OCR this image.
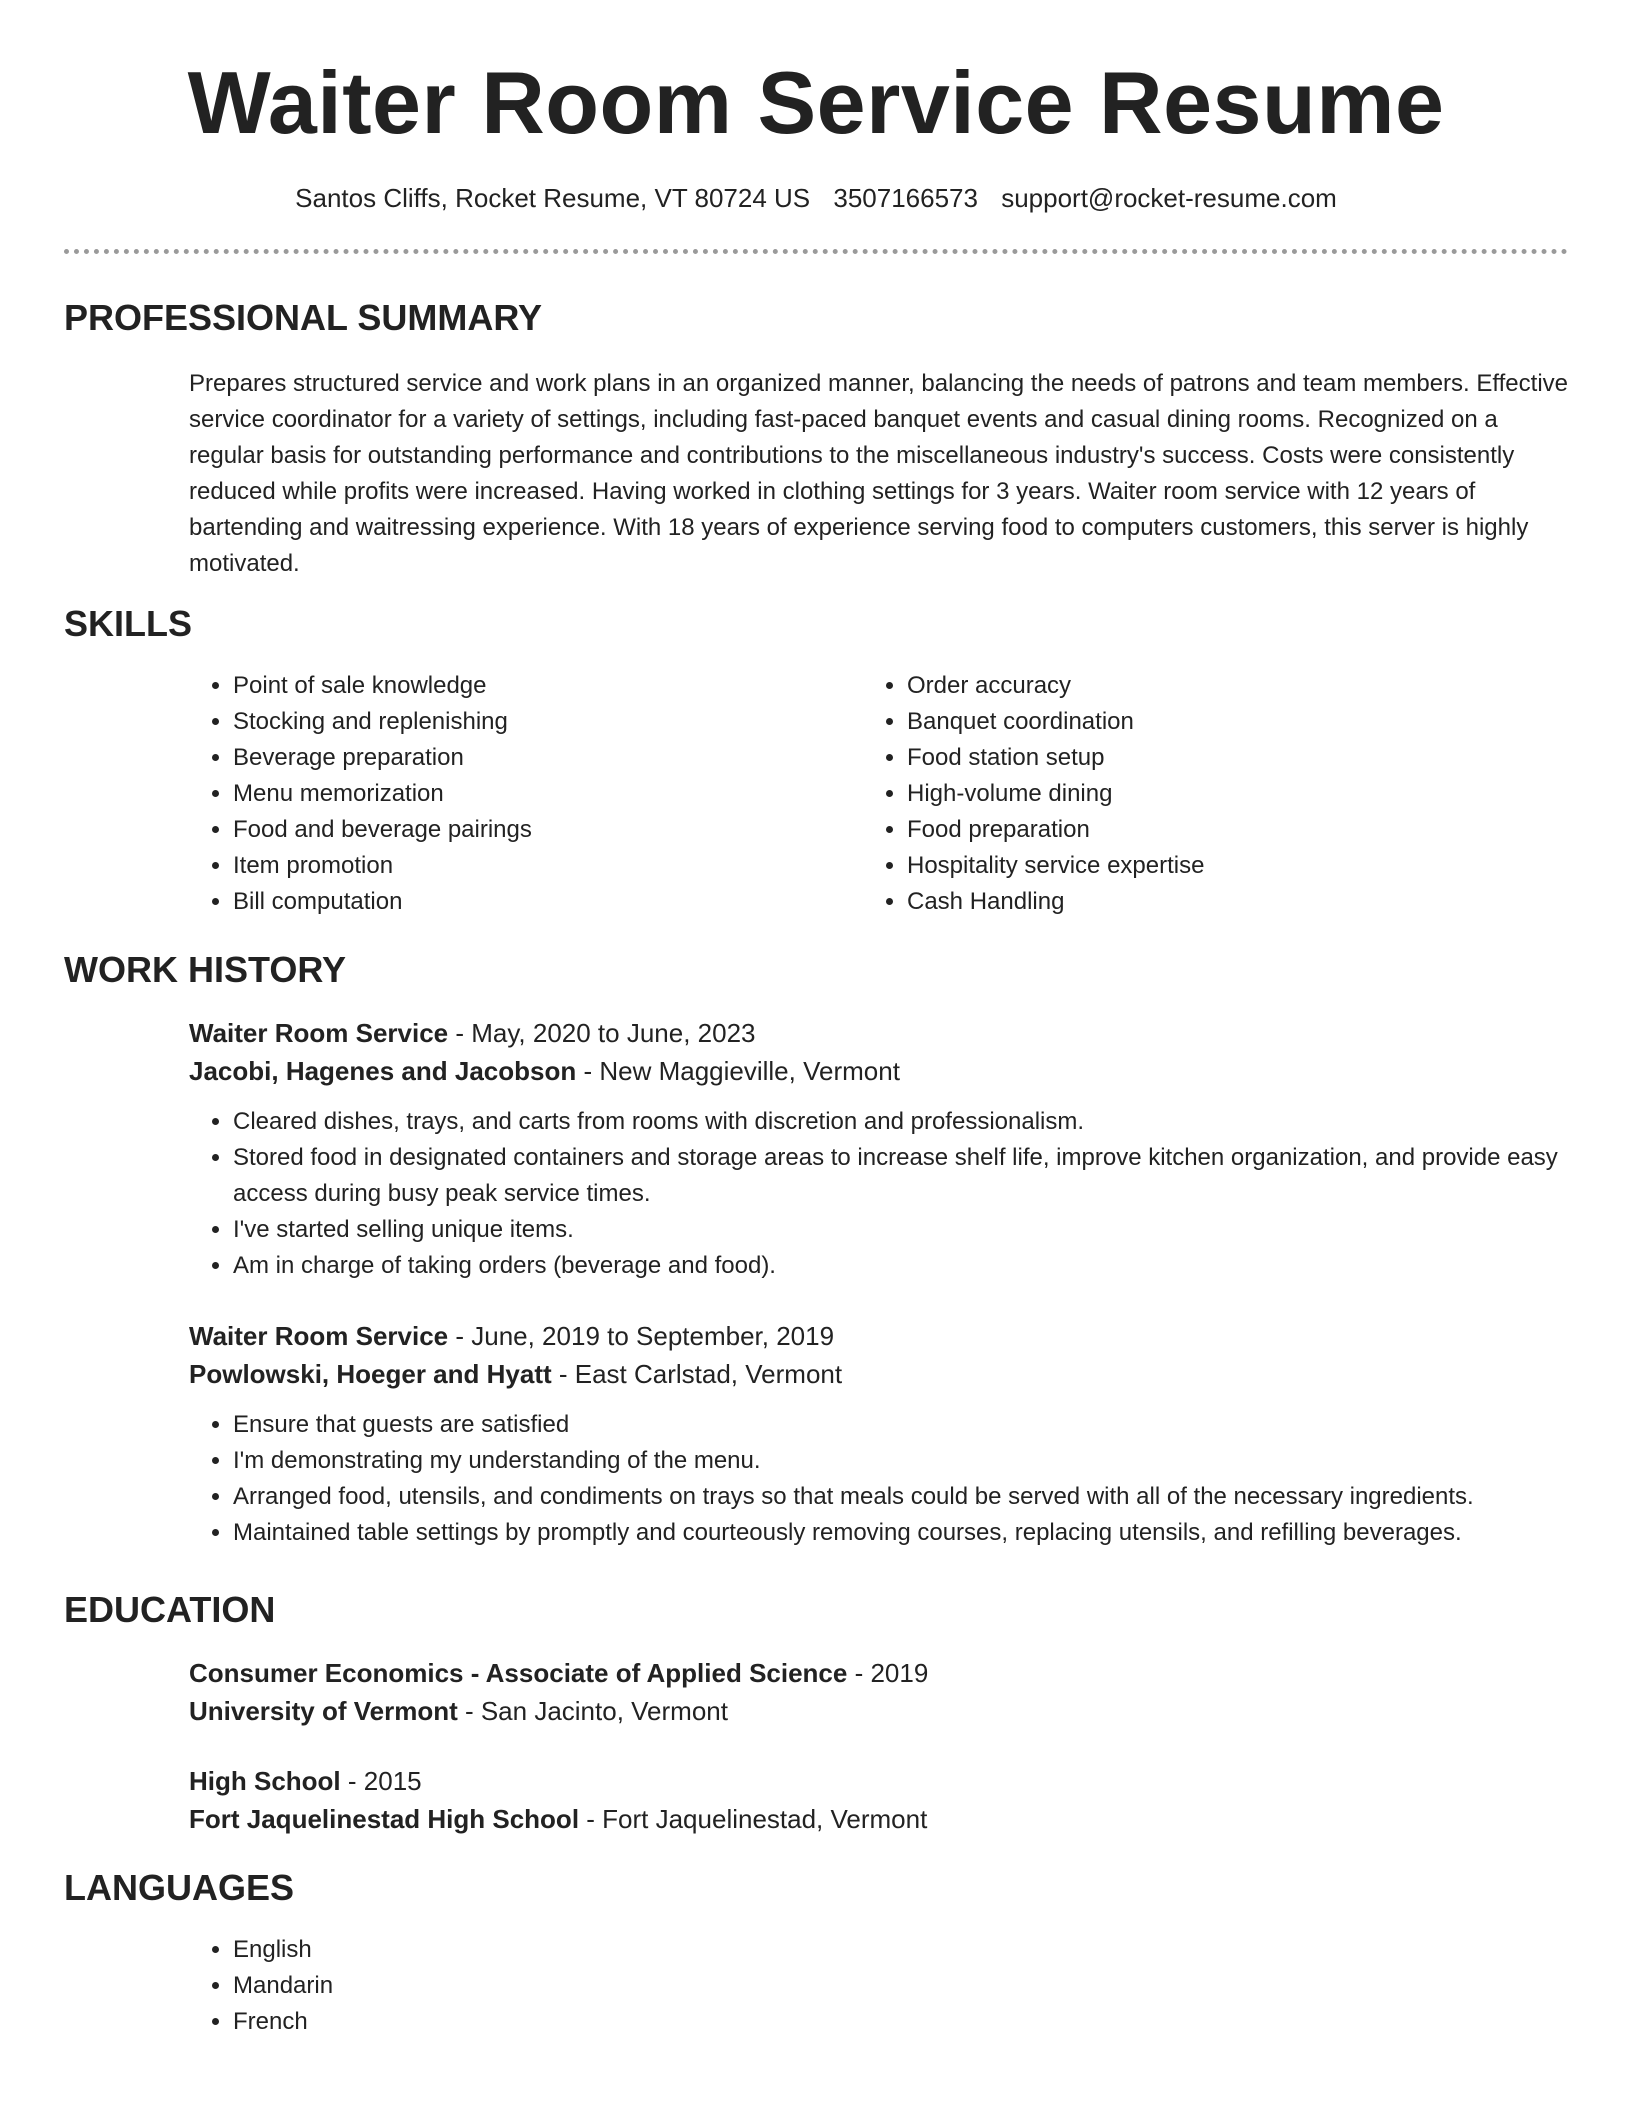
Waiter Room Service Resume
Santos Cliffs, Rocket Resume, VT 80724 US 3507166573 support@rocket-resume.com
PROFESSIONAL SUMMARY
Prepares structured service and work plans in an organized manner, balancing the needs of patrons and team members. Effective service coordinator for a variety of settings, including fast-paced banquet events and casual dining rooms. Recognized on a regular basis for outstanding performance and contributions to the miscellaneous industry's success. Costs were consistently reduced while profits were increased. Having worked in clothing settings for 3 years. Waiter room service with 12 years of bartending and waitressing experience. With 18 years of experience serving food to computers customers, this server is highly motivated.
SKILLS
• Point of sale knowledge
• Stocking and replenishing
• Beverage preparation
• Menu memorization
• Food and beverage pairings
• Item promotion
• Bill computation
• Order accuracy
• Banquet coordination
• Food station setup
• High-volume dining
• Food preparation
• Hospitality service expertise
• Cash Handling
WORK HISTORY
Waiter Room Service - May, 2020 to June, 2023
Jacobi, Hagenes and Jacobson - New Maggieville, Vermont
• Cleared dishes, trays, and carts from rooms with discretion and professionalism.
• Stored food in designated containers and storage areas to increase shelf life, improve kitchen organization, and provide easy access during busy peak service times.
• I've started selling unique items.
• Am in charge of taking orders (beverage and food).
Waiter Room Service - June, 2019 to September, 2019
Powlowski, Hoeger and Hyatt - East Carlstad, Vermont
• Ensure that guests are satisfied
• I'm demonstrating my understanding of the menu.
• Arranged food, utensils, and condiments on trays so that meals could be served with all of the necessary ingredients.
• Maintained table settings by promptly and courteously removing courses, replacing utensils, and refilling beverages.
EDUCATION
Consumer Economics - Associate of Applied Science - 2019
University of Vermont - San Jacinto, Vermont
High School - 2015
Fort Jaquelinestad High School - Fort Jaquelinestad, Vermont
LANGUAGES
• English
• Mandarin
• French
